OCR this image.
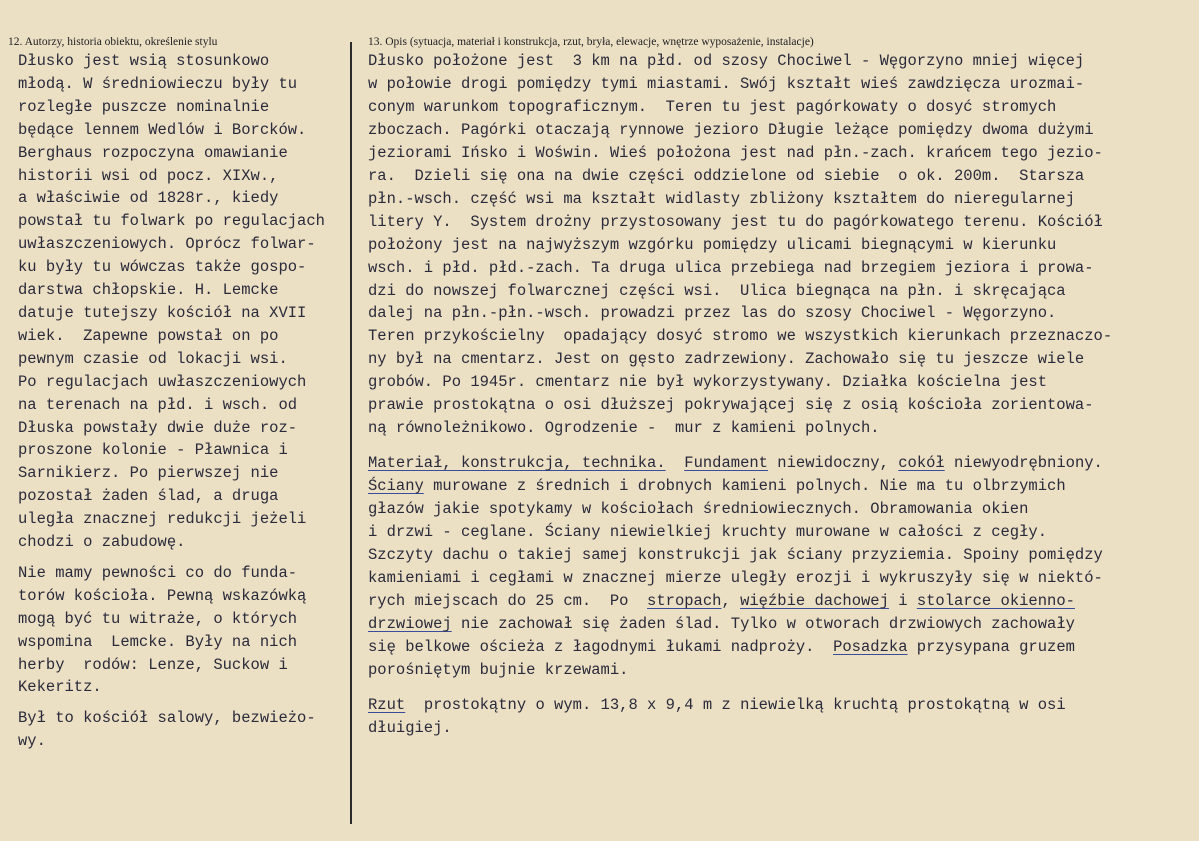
12. Autorzy, historia obiektu, określenie stylu	13. Opis (sytuacja, materiał i konstrukcja, rzut, bryła, elewacje, wnętrze wyposażenie, instalacje)

Dłusko jest wsią stosunkowo

młodą. W średniowieczu były tu

rozległe puszcze nominalnie

będące lennem Wedlów i Borcków.

Berghaus rozpoczyna omawianie

historii wsi od pocz. XIXw.,

a właściwie od 1828r., kiedy

powstał tu folwark po regulacjach

uwłaszczeniowych. Oprócz folwar-

ku były tu wówczas także gospo-

darstwa chłopskie. H. Lemcke

datuje tutejszy kościół na XVII

wiek.  Zapewne powstał on po

pewnym czasie od lokacji wsi.

Po regulacjach uwłaszczeniowych

na terenach na płd. i wsch. od

Dłuska powstały dwie duże roz-

proszone kolonie - Pławnica i

Sarnikierz. Po pierwszej nie

pozostał żaden ślad, a druga

uległa znacznej redukcji jeżeli

chodzi o zabudowę.

Nie mamy pewności co do funda-

torów kościoła. Pewną wskazówką

mogą być tu witraże, o których

wspomina  Lemcke. Były na nich

herby  rodów: Lenze, Suckow i

Kekeritz.

Był to kościół salowy, bezwieżo-

wy.

Dłusko położone jest  3 km na płd. od szosy Chociwel - Węgorzyno mniej więcej

w połowie drogi pomiędzy tymi miastami. Swój kształt wieś zawdzięcza urozmai-

conym warunkom topograficznym.  Teren tu jest pagórkowaty o dosyć stromych

zboczach. Pagórki otaczają rynnowe jezioro Długie leżące pomiędzy dwoma dużymi

jeziorami Ińsko i Woświn. Wieś położona jest nad płn.-zach. krańcem tego jezio-

ra.  Dzieli się ona na dwie części oddzielone od siebie  o ok. 200m.  Starsza

płn.-wsch. część wsi ma kształt widlasty zbliżony kształtem do nieregularnej

litery Y.  System drożny przystosowany jest tu do pagórkowatego terenu. Kościół

położony jest na najwyższym wzgórku pomiędzy ulicami biegnącymi w kierunku

wsch. i płd. płd.-zach. Ta druga ulica przebiega nad brzegiem jeziora i prowa-

dzi do nowszej folwarcznej części wsi.  Ulica biegnąca na płn. i skręcająca

dalej na płn.-płn.-wsch. prowadzi przez las do szosy Chociwel - Węgorzyno.

Teren przykościelny  opadający dosyć stromo we wszystkich kierunkach przeznaczo-

ny był na cmentarz. Jest on gęsto zadrzewiony. Zachowało się tu jeszcze wiele

grobów. Po 1945r. cmentarz nie był wykorzystywany. Działka kościelna jest

prawie prostokątna o osi dłuższej pokrywającej się z osią kościoła zorientowa-

ną równoleżnikowo. Ogrodzenie -  mur z kamieni polnych.

Materiał, konstrukcja, technika. Fundament niewidoczny, cokół niewyodrębniony.

Ściany murowane z średnich i drobnych kamieni polnych. Nie ma tu olbrzymich

głazów jakie spotykamy w kościołach średniowiecznych. Obramowania okien

i drzwi - ceglane. Ściany niewielkiej kruchty murowane w całości z cegły.

Szczyty dachu o takiej samej konstrukcji jak ściany przyziemia. Spoiny pomiędzy

kamieniami i cegłami w znacznej mierze uległy erozji i wykruszyły się w niektó-

rych miejscach do 25 cm.  Po  stropach, więźbie dachowej i stolarce okienno-

drzwiowej nie zachował się żaden ślad. Tylko w otworach drzwiowych zachowały

się belkowe ościeża z łagodnymi łukami nadproży.  Posadzka przysypana gruzem

porośniętym bujnie krzewami.

Rzut  prostokątny o wym. 13,8 x 9,4 m z niewielką kruchtą prostokątną w osi

dłuigiej.
